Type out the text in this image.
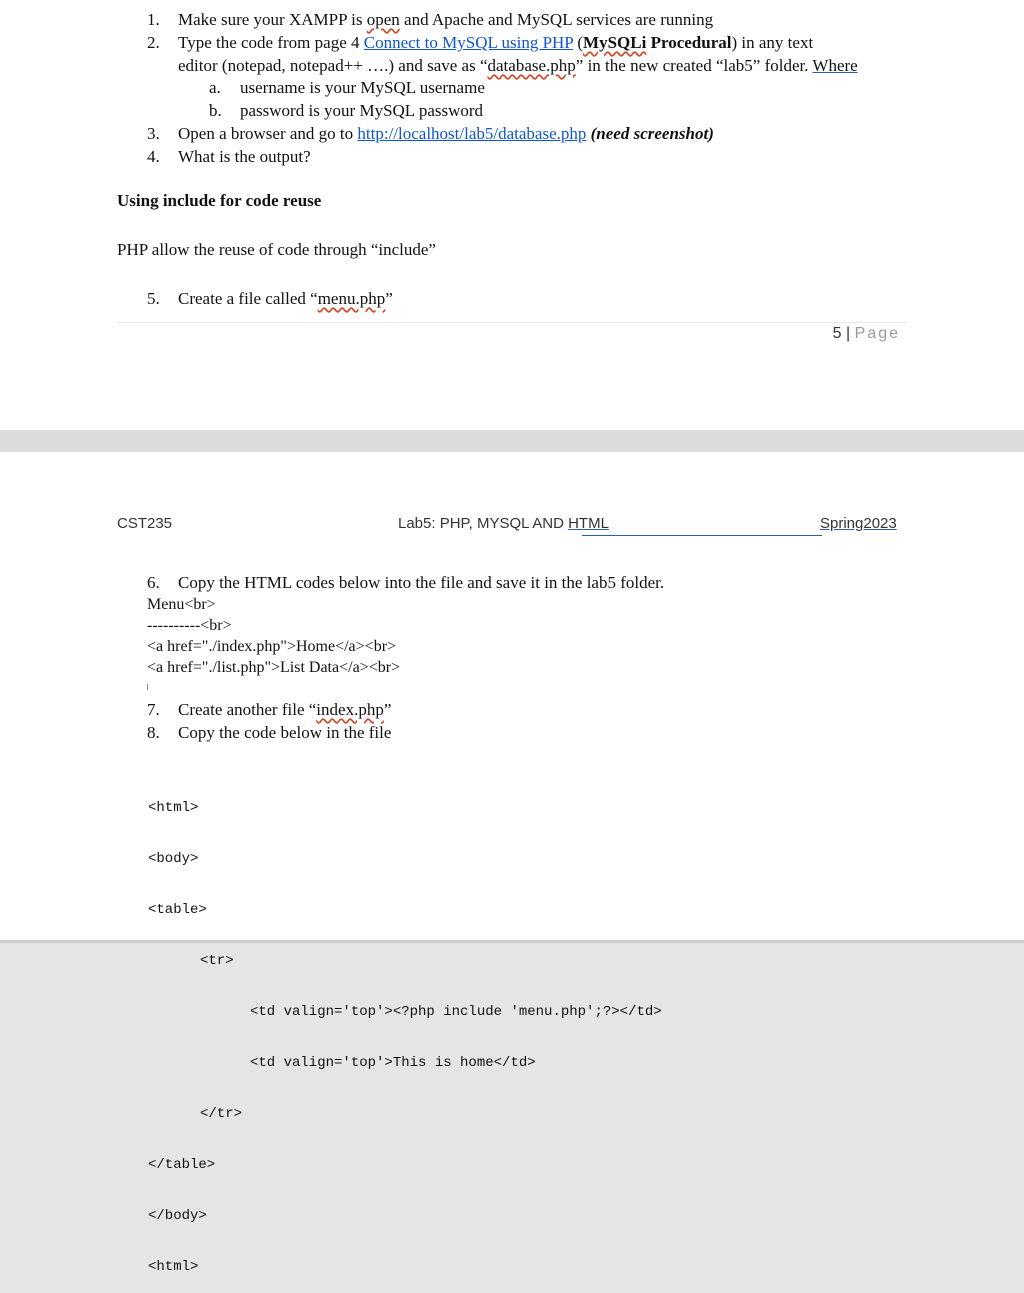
1. Make sure your XAMPP is open and Apache and MySQL services are running
2. Type the code from page 4 Connect to MySQL using PHP (MySQLi Procedural) in any text
editor (notepad, notepad++ ….) and save as “database.php” in the new created “lab5” folder. Where
a. username is your MySQL username
b. password is your MySQL password
3. Open a browser and go to http://localhost/lab5/database.php (need screenshot)
4. What is the output?
Using include for code reuse
PHP allow the reuse of code through “include”
5. Create a file called “menu.php”
5 | Page
CST235	Lab5: PHP, MYSQL AND HTML	Spring2023
6. Copy the HTML codes below into the file and save it in the lab5 folder.
Menu<br>
----------<br>
<a href="./index.php">Home</a><br>
<a href="./list.php">List Data</a><br>
7. Create another file “index.php”
8. Copy the code below in the file

<html>

<body>

<table>

<tr>

<td valign='top'><?php include 'menu.php';?></td>

<td valign='top'>This is home</td>

</tr>

</table>

</body>

<html>
